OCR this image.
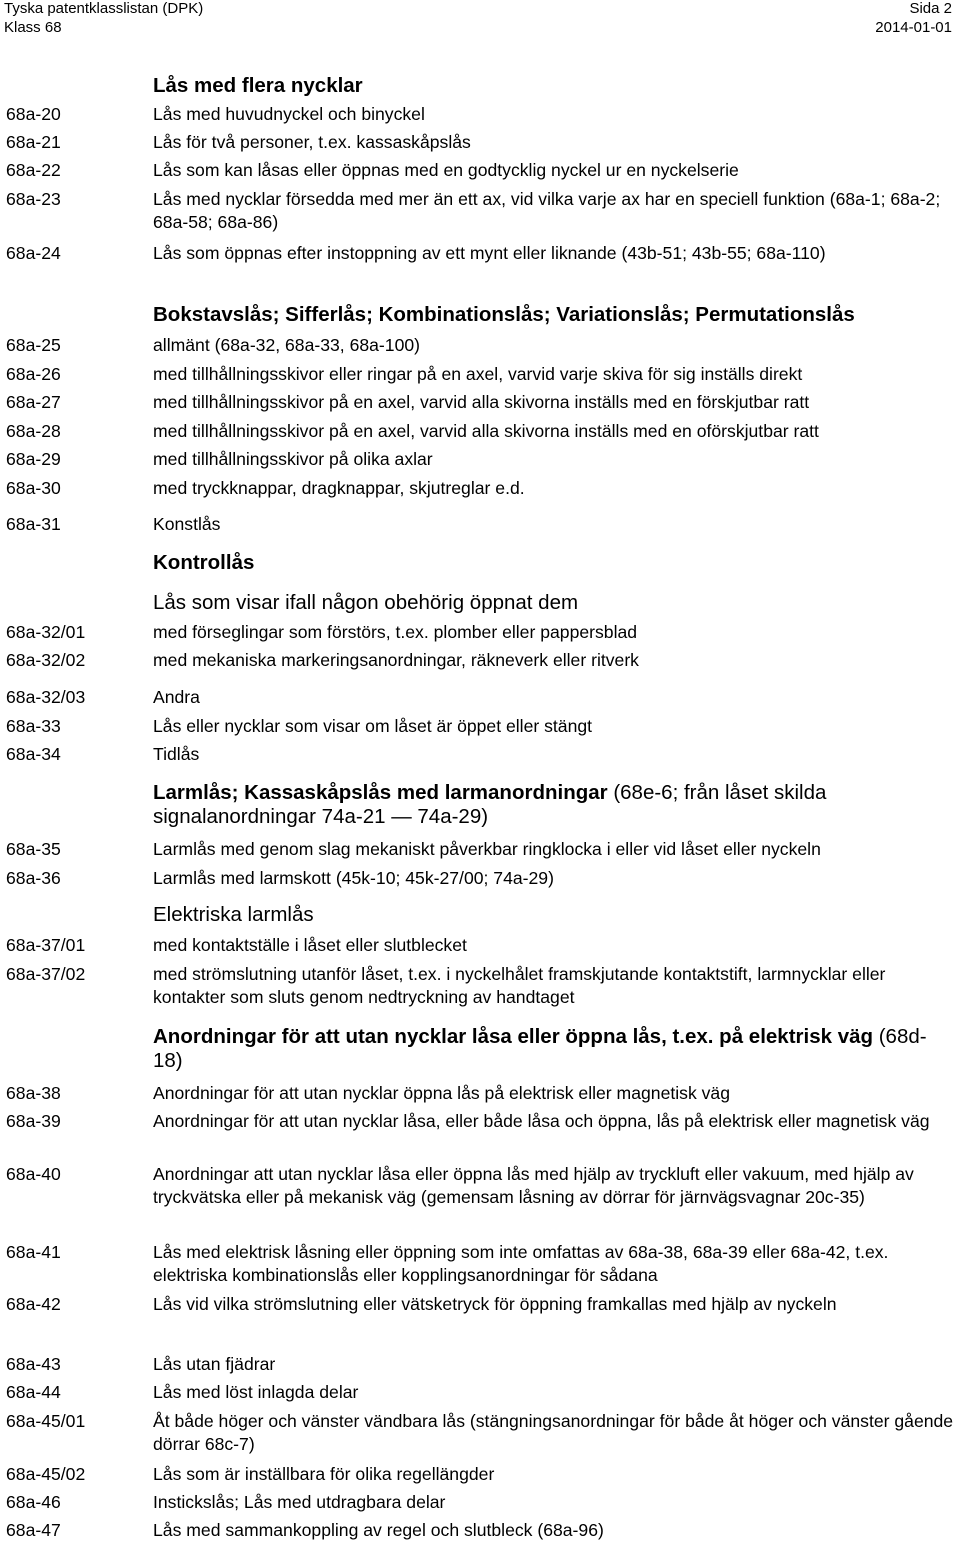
Tyska patentklasslistan (DPK)
Klass 68
Sida 2
2014-01-01
Lås med flera nycklar
68a-20	Lås med huvudnyckel och binyckel
68a-21	Lås för två personer, t.ex. kassaskåpslås
68a-22	Lås som kan låsas eller öppnas med en godtycklig nyckel ur en nyckelserie
68a-23	Lås med nycklar försedda med mer än ett ax, vid vilka varje ax har en speciell funktion (68a-1; 68a-2; 68a-58; 68a-86)
68a-24	Lås som öppnas efter instoppning av ett mynt eller liknande (43b-51; 43b-55; 68a-110)
Bokstavslås; Sifferlås; Kombinationslås; Variationslås; Permutationslås
68a-25	allmänt (68a-32, 68a-33, 68a-100)
68a-26	med tillhållningsskivor eller ringar på en axel, varvid varje skiva för sig inställs direkt
68a-27	med tillhållningsskivor på en axel, varvid alla skivorna inställs med en förskjutbar ratt
68a-28	med tillhållningsskivor på en axel, varvid alla skivorna inställs med en oförskjutbar ratt
68a-29	med tillhållningsskivor på olika axlar
68a-30	med tryckknappar, dragknappar, skjutreglar e.d.
68a-31	Konstlås
Kontrollås
Lås som visar ifall någon obehörig öppnat dem
68a-32/01	med förseglingar som förstörs, t.ex. plomber eller pappersblad
68a-32/02	med mekaniska markeringsanordningar, räkneverk eller ritverk
68a-32/03	Andra
68a-33	Lås eller nycklar som visar om låset är öppet eller stängt
68a-34	Tidlås
Larmlås; Kassaskåpslås med larmanordningar (68e-6; från låset skilda signalanordningar 74a-21 — 74a-29)
68a-35	Larmlås med genom slag mekaniskt påverkbar ringklocka i eller vid låset eller nyckeln
68a-36	Larmlås med larmskott (45k-10; 45k-27/00; 74a-29)
Elektriska larmlås
68a-37/01	med kontaktställe i låset eller slutblecket
68a-37/02	med strömslutning utanför låset, t.ex. i nyckelhålet framskjutande kontaktstift, larmnycklar eller kontakter som sluts genom nedtryckning av handtaget
Anordningar för att utan nycklar låsa eller öppna lås, t.ex. på elektrisk väg (68d-18)
68a-38	Anordningar för att utan nycklar öppna lås på elektrisk eller magnetisk väg
68a-39	Anordningar för att utan nycklar låsa, eller både låsa och öppna, lås på elektrisk eller magnetisk väg
68a-40	Anordningar att utan nycklar låsa eller öppna lås med hjälp av tryckluft eller vakuum, med hjälp av tryckvätska eller på mekanisk väg (gemensam låsning av dörrar för järnvägsvagnar 20c-35)
68a-41	Lås med elektrisk låsning eller öppning som inte omfattas av 68a-38, 68a-39 eller 68a-42, t.ex. elektriska kombinationslås eller kopplingsanordningar för sådana
68a-42	Lås vid vilka strömslutning eller vätsketryck för öppning framkallas med hjälp av nyckeln
68a-43	Lås utan fjädrar
68a-44	Lås med löst inlagda delar
68a-45/01	Åt både höger och vänster vändbara lås (stängningsanordningar för både åt höger och vänster gående dörrar 68c-7)
68a-45/02	Lås som är inställbara för olika regellängder
68a-46	Instickslås; Lås med utdragbara delar
68a-47	Lås med sammankoppling av regel och slutbleck (68a-96)
